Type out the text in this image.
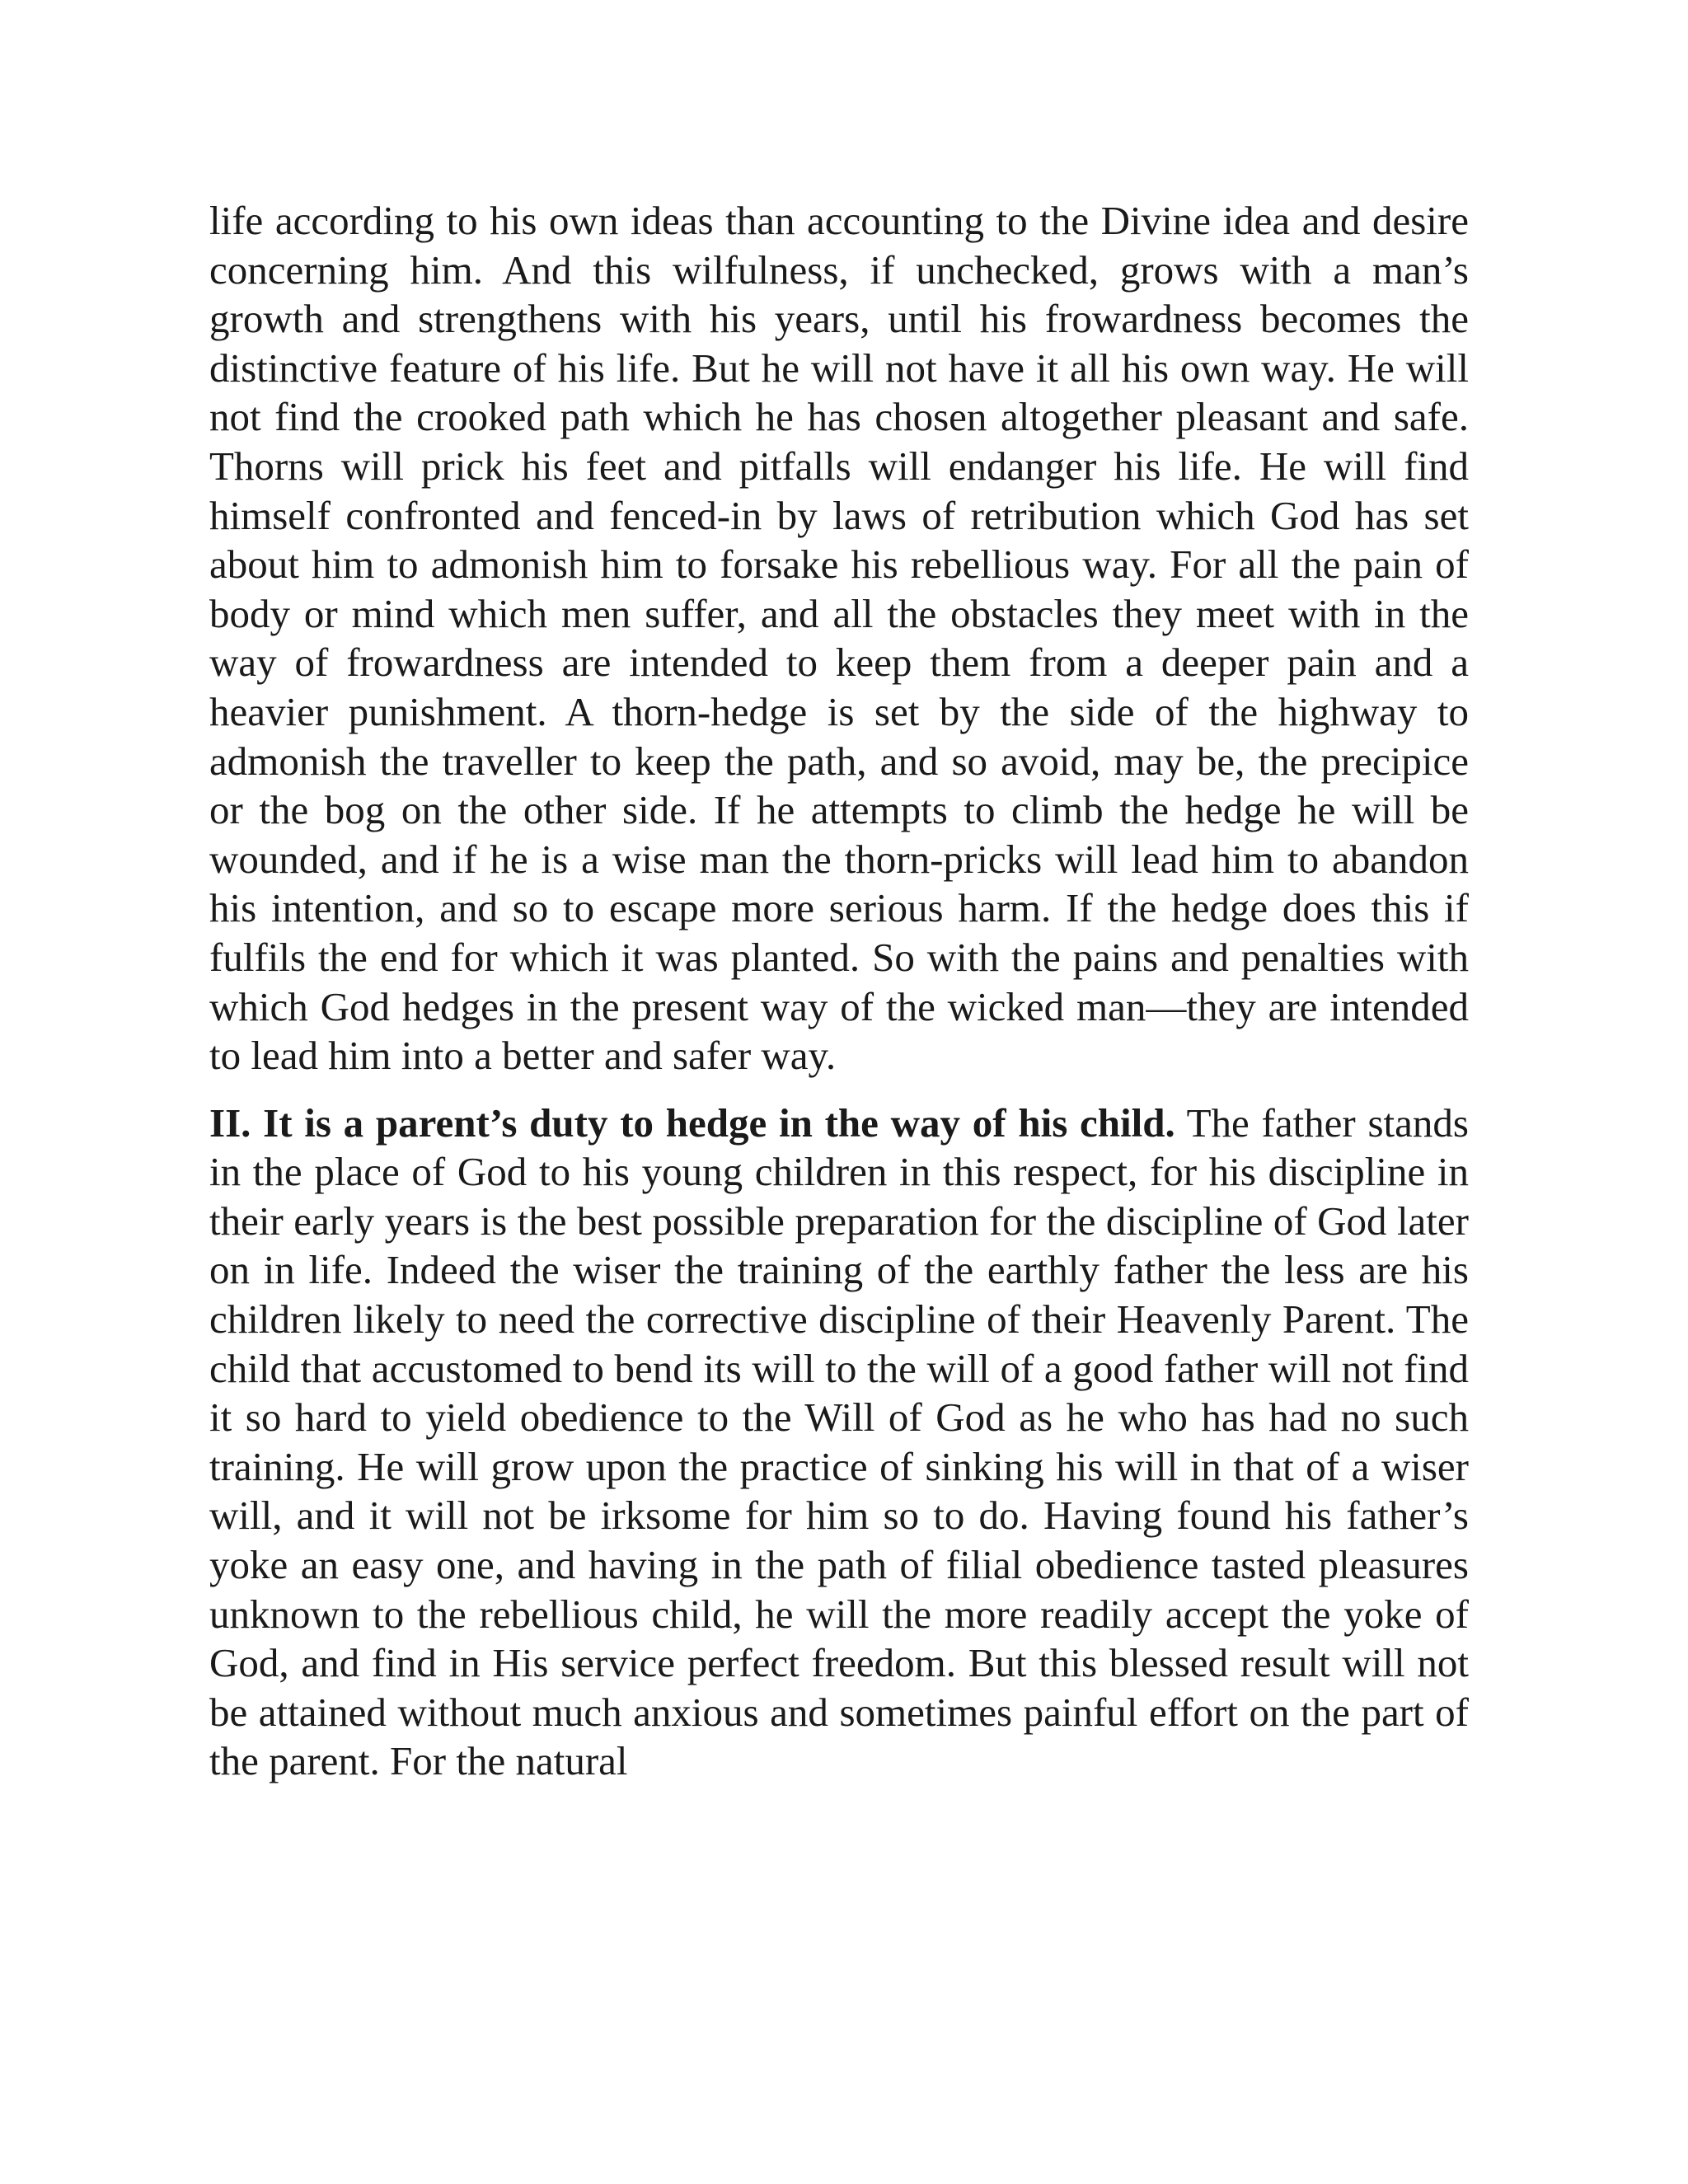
life according to his own ideas than accounting to the Divine idea and desire concerning him. And this wilfulness, if unchecked, grows with a man’s growth and strengthens with his years, until his frowardness becomes the distinctive feature of his life. But he will not have it all his own way. He will not find the crooked path which he has chosen altogether pleasant and safe. Thorns will prick his feet and pitfalls will endanger his life. He will find himself confronted and fenced-in by laws of retribution which God has set about him to admonish him to forsake his rebellious way. For all the pain of body or mind which men suffer, and all the obstacles they meet with in the way of frowardness are intended to keep them from a deeper pain and a heavier punishment. A thorn-hedge is set by the side of the highway to admonish the traveller to keep the path, and so avoid, may be, the precipice or the bog on the other side. If he attempts to climb the hedge he will be wounded, and if he is a wise man the thorn-pricks will lead him to abandon his intention, and so to escape more serious harm. If the hedge does this if fulfils the end for which it was planted. So with the pains and penalties with which God hedges in the present way of the wicked man—they are intended to lead him into a better and safer way.

II. It is a parent’s duty to hedge in the way of his child. The father stands in the place of God to his young children in this respect, for his discipline in their early years is the best possible preparation for the discipline of God later on in life. Indeed the wiser the training of the earthly father the less are his children likely to need the corrective discipline of their Heavenly Parent. The child that accustomed to bend its will to the will of a good father will not find it so hard to yield obedience to the Will of God as he who has had no such training. He will grow upon the practice of sinking his will in that of a wiser will, and it will not be irksome for him so to do. Having found his father’s yoke an easy one, and having in the path of filial obedience tasted pleasures unknown to the rebellious child, he will the more readily accept the yoke of God, and find in His service perfect freedom. But this blessed result will not be attained without much anxious and sometimes painful effort on the part of the parent. For the natural
